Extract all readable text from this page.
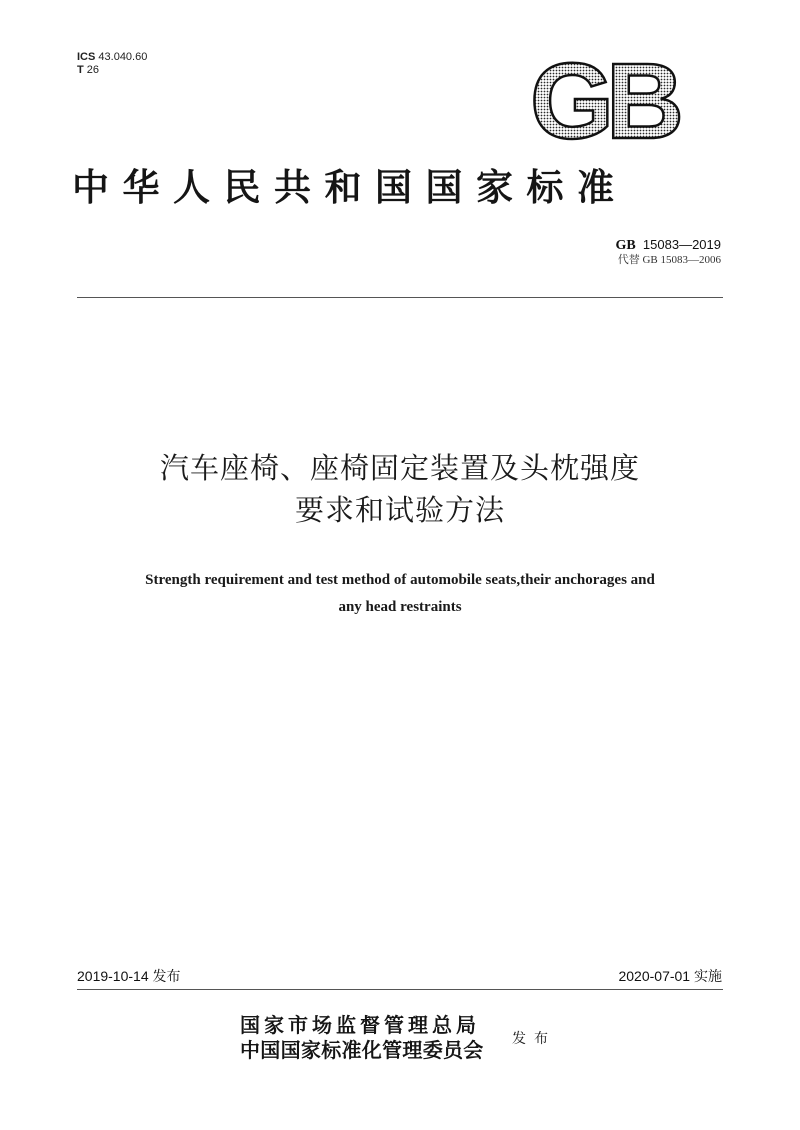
ICS 43.040.60
T 26	GB
中华人民共和国国家标准
GB 15083—2019
代替 GB 15083—2006
汽车座椅、座椅固定装置及头枕强度
要求和试验方法
Strength requirement and test method of automobile seats,their anchorages and
any head restraints
2019-10-14 发布	2020-07-01 实施
国家市场监督管理总局
中国国家标准化管理委员会 发布
